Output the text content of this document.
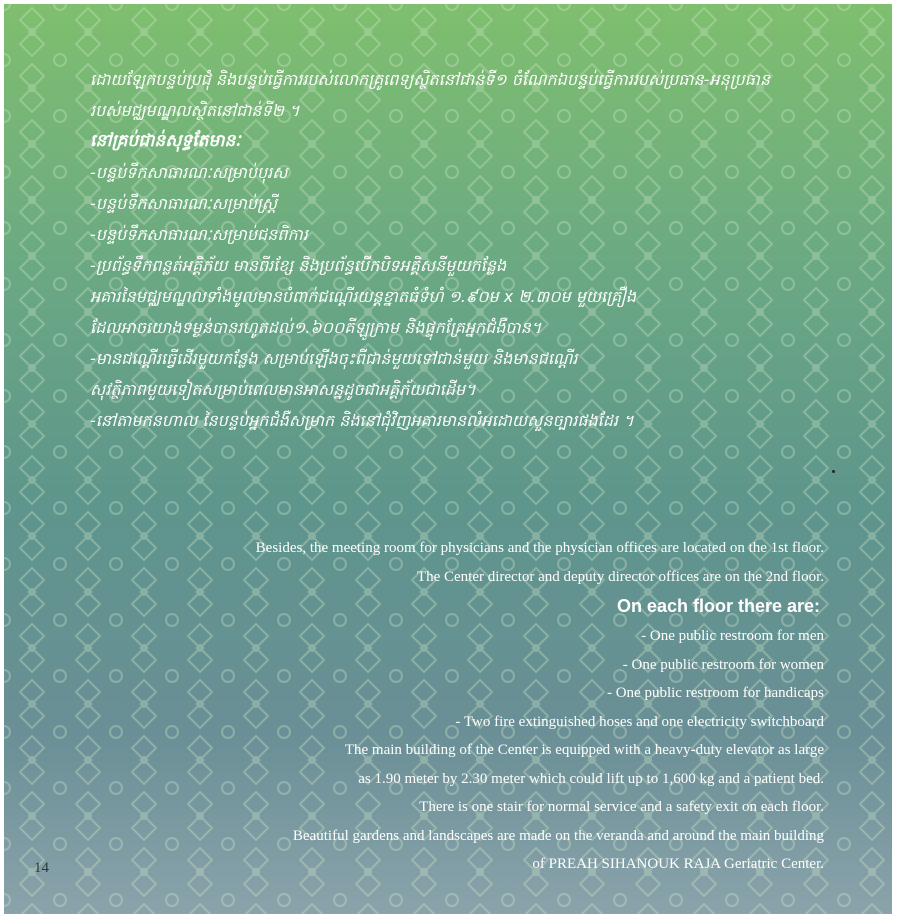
ដោយឡែកបន្ទប់ប្រជុំ និងបន្ទប់ធ្វើការរបស់លោកគ្រូពេទ្យស្ថិតនៅជាន់ទី១ ចំណែកឯបន្ទប់ធ្វើការរបស់ប្រធាន-អនុប្រធាន

របស់មជ្ឈមណ្ឌលស្ថិតនៅជាន់ទី២ ។

នៅគ្រប់ជាន់សុទ្ធតែមានៈ

-បន្ទប់ទឹកសាធារណៈសម្រាប់បុរស

-បន្ទប់ទឹកសាធារណៈសម្រាប់ស្ត្រី

-បន្ទប់ទឹកសាធារណៈសម្រាប់ជនពិការ

-ប្រព័ន្ធទឹកពន្លត់អគ្គិភ័យ មានពីរខ្សែ និងប្រព័ន្ធបើកបិទអគ្គិសនីមួយកន្លែង

អគារនៃមជ្ឈមណ្ឌលទាំងមូលមានបំពាក់ជណ្ដើរយន្តខ្នាតធំទំហំ ១.៩០ម x ២.៣០ម មួយគ្រឿង

ដែលអាចយោងទម្ងន់បានរហូតដល់១.៦០០គីឡូក្រាម និងផ្ទុកគ្រែអ្នកជំងឺបាន។

-មានជណ្ដើរធ្វើដើរមួយកន្លែង សម្រាប់ឡើងចុះពីជាន់មួយទៅជាន់មួយ និងមានជណ្ដើរ

សុវត្ថិភាពមួយទៀតសម្រាប់ពេលមានអាសន្នដូចជាអគ្គិភ័យជាដើម។

-នៅតាមកនហាល នៃបន្ទប់អ្នកជំងឺសម្រាក និងនៅជុំវិញអគារមានលំអដោយសួនច្បារផងដែរ ។

Besides, the meeting room for physicians and the physician offices are located on the 1st floor.

The Center director and deputy director offices are on the 2nd floor.

On each floor there are:

- One public restroom for men

- One public restroom for women

- One public restroom for handicaps

- Two fire extinguished hoses and one electricity switchboard

The main building of the Center is equipped with a heavy-duty elevator as large

as 1.90 meter by 2.30 meter which could lift up to 1,600 kg and a patient bed.

There is one stair for normal service and a safety exit on each floor.

Beautiful gardens and landscapes are made on the veranda and around the main building

of PREAH SIHANOUK RAJA Geriatric Center.

14
